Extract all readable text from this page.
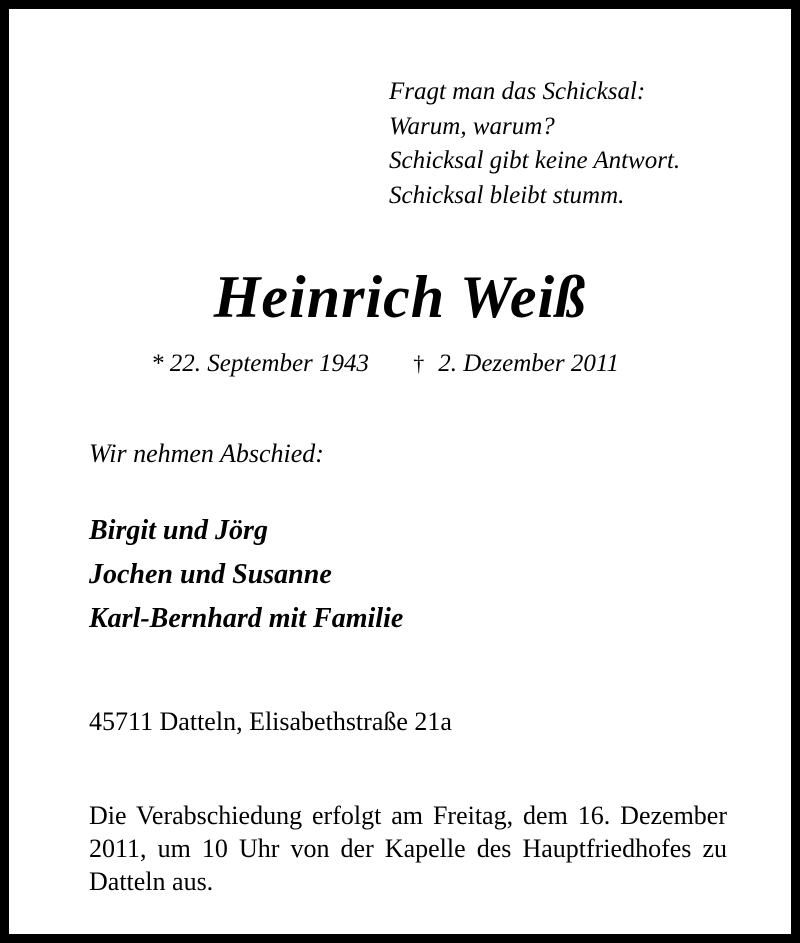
Fragt man das Schicksal:
Warum, warum?
Schicksal gibt keine Antwort.
Schicksal bleibt stumm.
Heinrich Weiß
* 22. September 1943 † 2. Dezember 2011
Wir nehmen Abschied:
Birgit und Jörg
Jochen und Susanne
Karl-Bernhard mit Familie
45711 Datteln, Elisabethstraße 21a
Die Verabschiedung erfolgt am Freitag, dem 16. Dezember 2011, um 10 Uhr von der Kapelle des Hauptfriedhofes zu Datteln aus.
